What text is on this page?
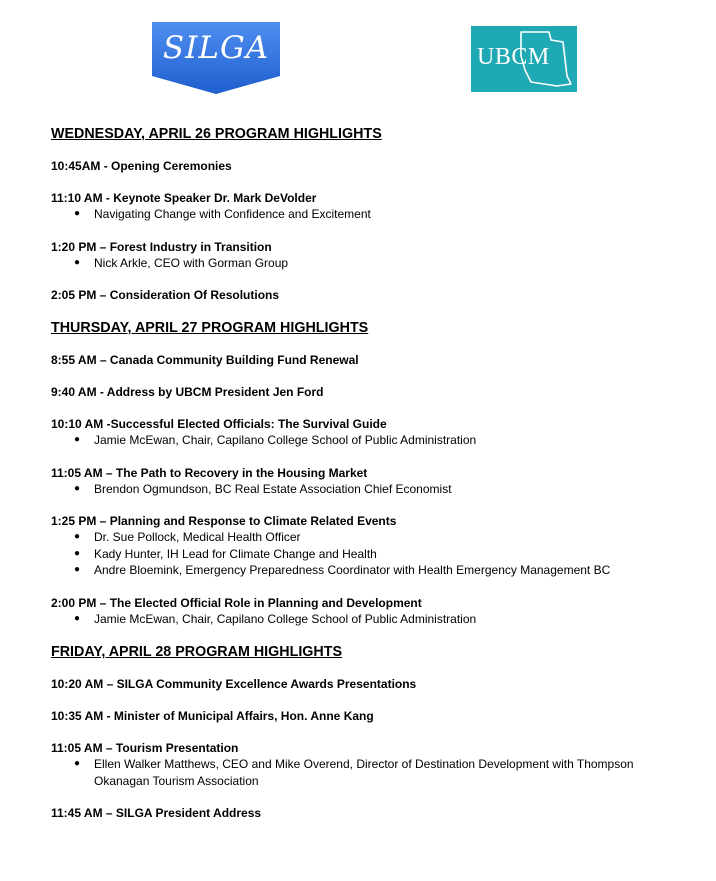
SILGA	UBCM
WEDNESDAY, APRIL 26 PROGRAM HIGHLIGHTS
10:45AM - Opening Ceremonies
11:10 AM - Keynote Speaker Dr. Mark DeVolder
● Navigating Change with Confidence and Excitement
1:20 PM – Forest Industry in Transition
● Nick Arkle, CEO with Gorman Group
2:05 PM – Consideration Of Resolutions
THURSDAY, APRIL 27 PROGRAM HIGHLIGHTS
8:55 AM – Canada Community Building Fund Renewal
9:40 AM - Address by UBCM President Jen Ford
10:10 AM -Successful Elected Officials: The Survival Guide
● Jamie McEwan, Chair, Capilano College School of Public Administration
11:05 AM – The Path to Recovery in the Housing Market
● Brendon Ogmundson, BC Real Estate Association Chief Economist
1:25 PM – Planning and Response to Climate Related Events
● Dr. Sue Pollock, Medical Health Officer
● Kady Hunter, IH Lead for Climate Change and Health
● Andre Bloemink, Emergency Preparedness Coordinator with Health Emergency Management BC
2:00 PM – The Elected Official Role in Planning and Development
● Jamie McEwan, Chair, Capilano College School of Public Administration
FRIDAY, APRIL 28 PROGRAM HIGHLIGHTS
10:20 AM – SILGA Community Excellence Awards Presentations
10:35 AM - Minister of Municipal Affairs, Hon. Anne Kang
11:05 AM – Tourism Presentation
● Ellen Walker Matthews, CEO and Mike Overend, Director of Destination Development with Thompson Okanagan Tourism Association
11:45 AM – SILGA President Address
